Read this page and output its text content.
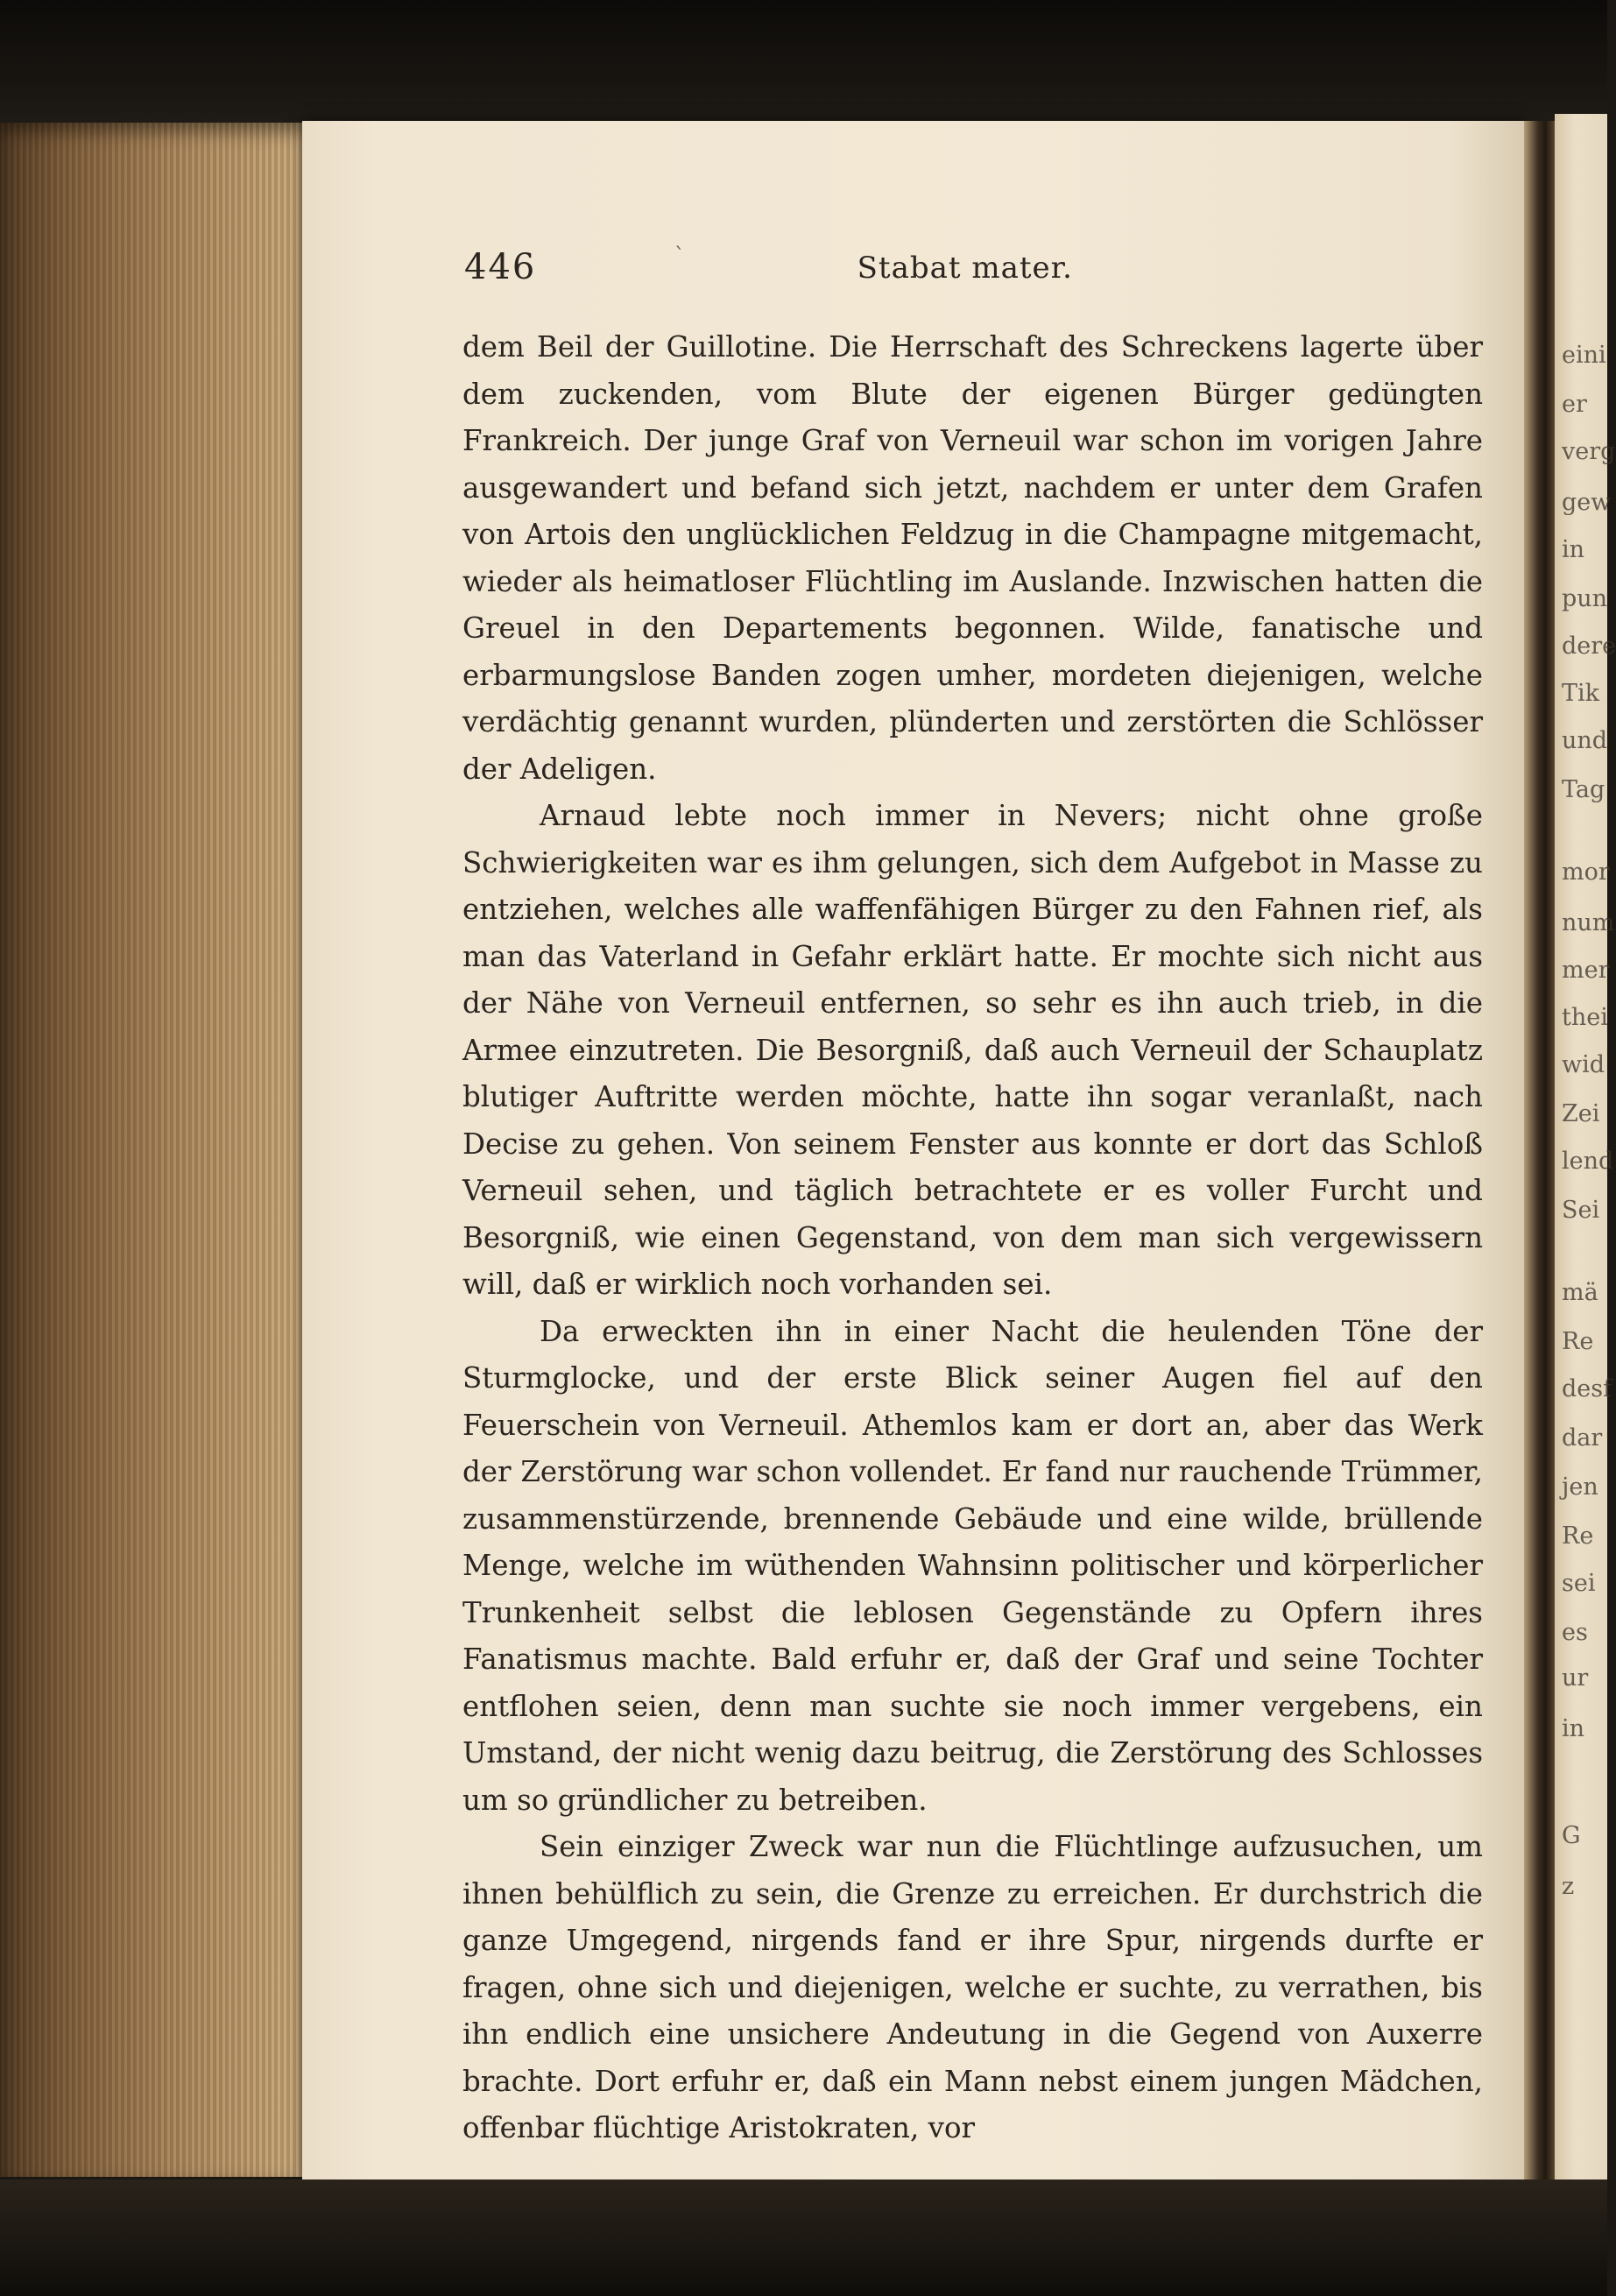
eini
er
verg
gew
in
pun
dere
Tik
und
Tag
mor
num
mer
thei
wid
Zei
lend
Sei
mä
Re
desf
dar
jen
Re
sei
es
ur
in
G
z
446	Stabat mater.
ˋ

dem Beil der Guillotine. Die Herrschaft des Schreckens lagerte über dem zuckenden, vom Blute der eigenen Bürger gedüngten Frankreich. Der junge Graf von Verneuil war schon im vorigen Jahre ausgewandert und befand sich jetzt, nachdem er unter dem Grafen von Artois den unglücklichen Feldzug in die Champagne mitgemacht, wieder als heimatloser Flüchtling im Auslande. Inzwischen hatten die Greuel in den Departements begonnen. Wilde, fanatische und erbarmungslose Banden zogen umher, mordeten diejenigen, welche verdächtig genannt wurden, plünderten und zerstörten die Schlösser der Adeligen.

Arnaud lebte noch immer in Nevers; nicht ohne große Schwierigkeiten war es ihm gelungen, sich dem Aufgebot in Masse zu entziehen, welches alle waffenfähigen Bürger zu den Fahnen rief, als man das Vaterland in Gefahr erklärt hatte. Er mochte sich nicht aus der Nähe von Verneuil entfernen, so sehr es ihn auch trieb, in die Armee einzutreten. Die Besorgniß, daß auch Verneuil der Schauplatz blutiger Auftritte werden möchte, hatte ihn sogar veranlaßt, nach Decise zu gehen. Von seinem Fenster aus konnte er dort das Schloß Verneuil sehen, und täglich betrachtete er es voller Furcht und Besorgniß, wie einen Gegenstand, von dem man sich vergewissern will, daß er wirklich noch vorhanden sei.

Da erweckten ihn in einer Nacht die heulenden Töne der Sturmglocke, und der erste Blick seiner Augen fiel auf den Feuerschein von Verneuil. Athemlos kam er dort an, aber das Werk der Zerstörung war schon vollendet. Er fand nur rauchende Trümmer, zusammenstürzende, brennende Gebäude und eine wilde, brüllende Menge, welche im wüthenden Wahnsinn politischer und körperlicher Trunkenheit selbst die leblosen Gegenstände zu Opfern ihres Fanatismus machte. Bald erfuhr er, daß der Graf und seine Tochter entflohen seien, denn man suchte sie noch immer vergebens, ein Umstand, der nicht wenig dazu beitrug, die Zerstörung des Schlosses um so gründlicher zu betreiben.

Sein einziger Zweck war nun die Flüchtlinge aufzusuchen, um ihnen behülflich zu sein, die Grenze zu erreichen. Er durchstrich die ganze Umgegend, nirgends fand er ihre Spur, nirgends durfte er fragen, ohne sich und diejenigen, welche er suchte, zu verrathen, bis ihn endlich eine unsichere Andeutung in die Gegend von Auxerre brachte. Dort erfuhr er, daß ein Mann nebst einem jungen Mädchen, offenbar flüchtige Aristokraten, vor
